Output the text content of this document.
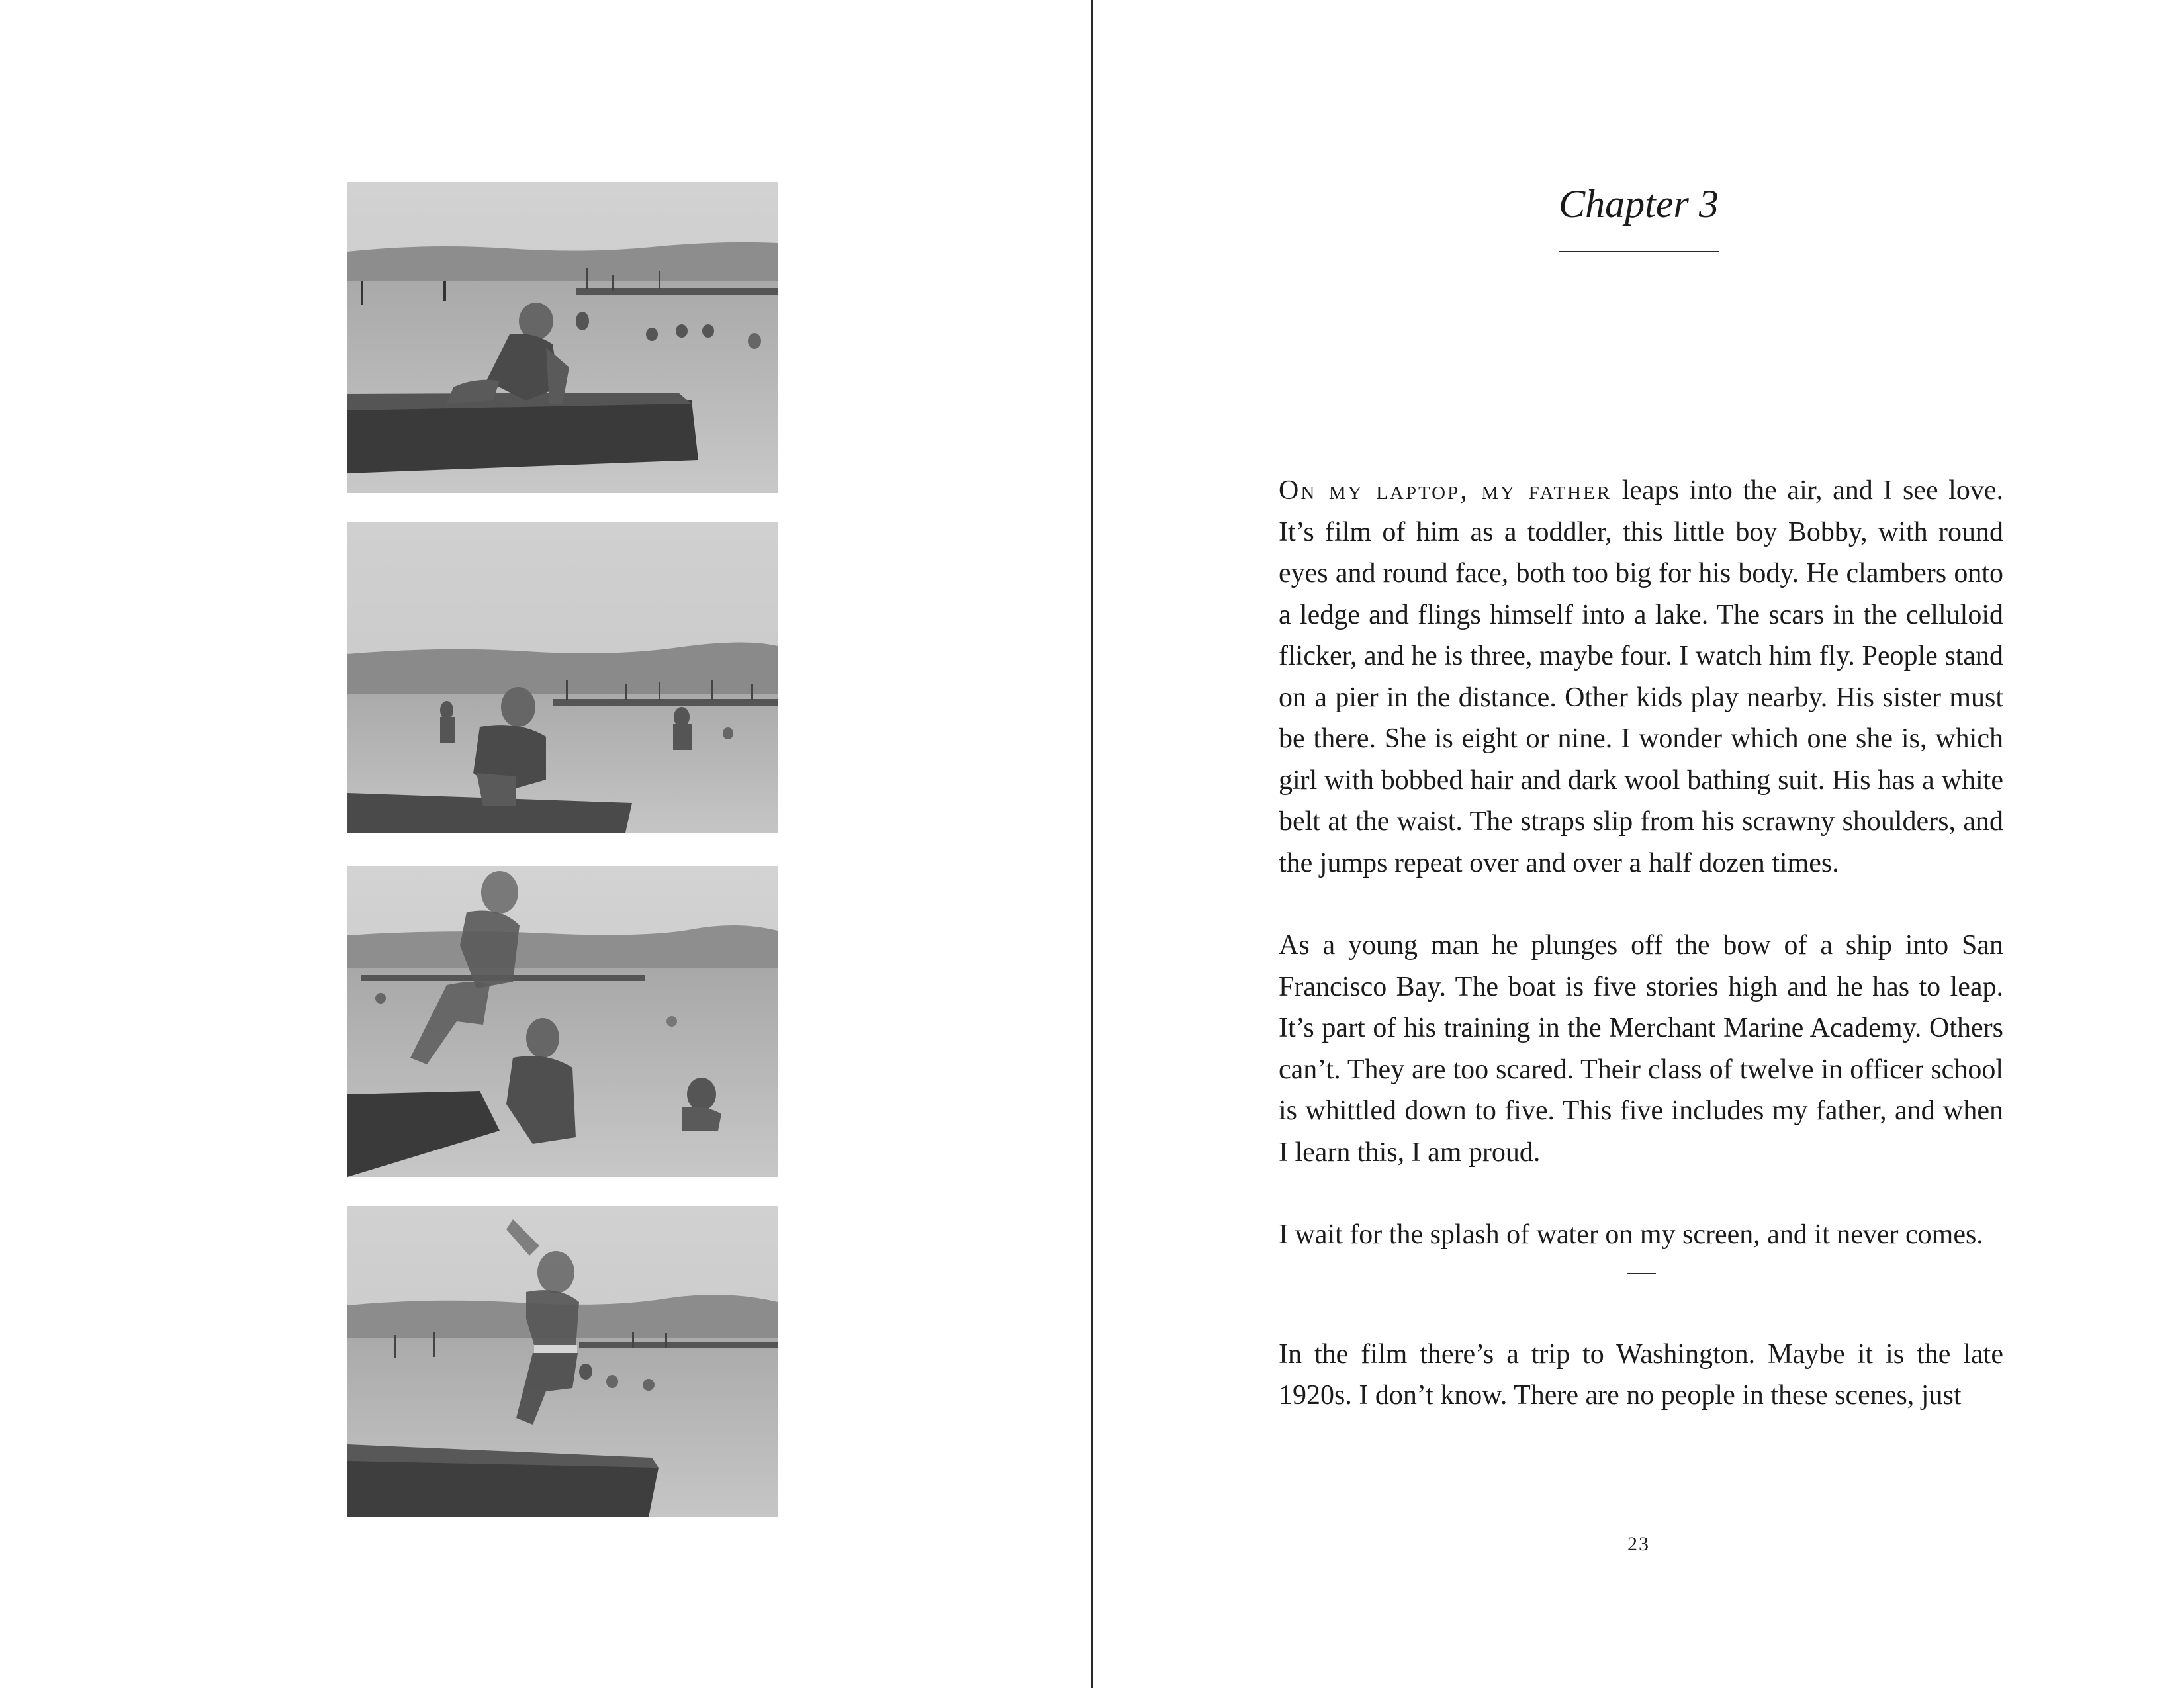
Chapter 3

On my laptop, my father leaps into the air, and I see love. It’s film of him as a toddler, this little boy Bobby, with round eyes and round face, both too big for his body. He clambers onto a ledge and flings himself into a lake. The scars in the celluloid flicker, and he is three, maybe four. I watch him fly. People stand on a pier in the distance. Other kids play nearby. His sister must be there. She is eight or nine. I wonder which one she is, which girl with bobbed hair and dark wool bathing suit. His has a white belt at the waist. The straps slip from his scrawny shoulders, and the jumps repeat over and over a half dozen times.

As a young man he plunges off the bow of a ship into San Francisco Bay. The boat is five stories high and he has to leap. It’s part of his training in the Merchant Marine Academy. Others can’t. They are too scared. Their class of twelve in officer school is whittled down to five. This five includes my father, and when I learn this, I am proud.

I wait for the splash of water on my screen, and it never comes.

In the film there’s a trip to Washington. Maybe it is the late 1920s. I don’t know. There are no people in these scenes, just

23
